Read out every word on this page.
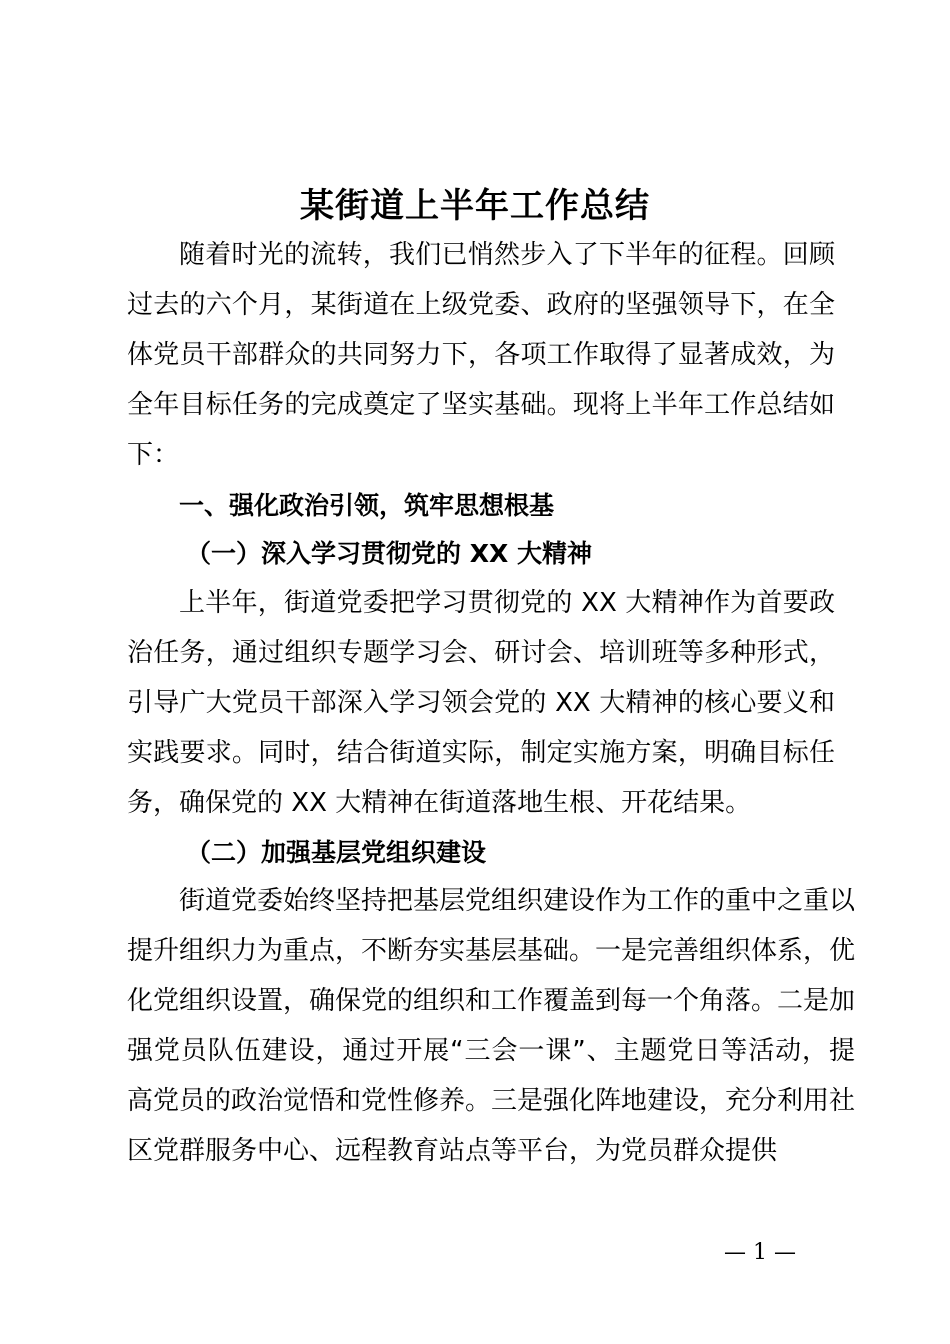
某街道上半年工作总结
随着时光的流转，我们已悄然步入了下半年的征程。回顾过去的六个月，某街道在上级党委、政府的坚强领导下，在全体党员干部群众的共同努力下，各项工作取得了显著成效，为全年目标任务的完成奠定了坚实基础。现将上半年工作总结如下：
一、强化政治引领，筑牢思想根基
（一）深入学习贯彻党的 XX 大精神
上半年，街道党委把学习贯彻党的 XX 大精神作为首要政治任务，通过组织专题学习会、研讨会、培训班等多种形式，引导广大党员干部深入学习领会党的 XX 大精神的核心要义和实践要求。同时，结合街道实际，制定实施方案，明确目标任务，确保党的 XX 大精神在街道落地生根、开花结果。
（二）加强基层党组织建设
街道党委始终坚持把基层党组织建设作为工作的重中之重以提升组织力为重点，不断夯实基层基础。一是完善组织体系，优化党组织设置，确保党的组织和工作覆盖到每一个角落。二是加强党员队伍建设，通过开展“三会一课”、主题党日等活动，提高党员的政治觉悟和党性修养。三是强化阵地建设，充分利用社区党群服务中心、远程教育站点等平台，为党员群众提供
— 1 —
